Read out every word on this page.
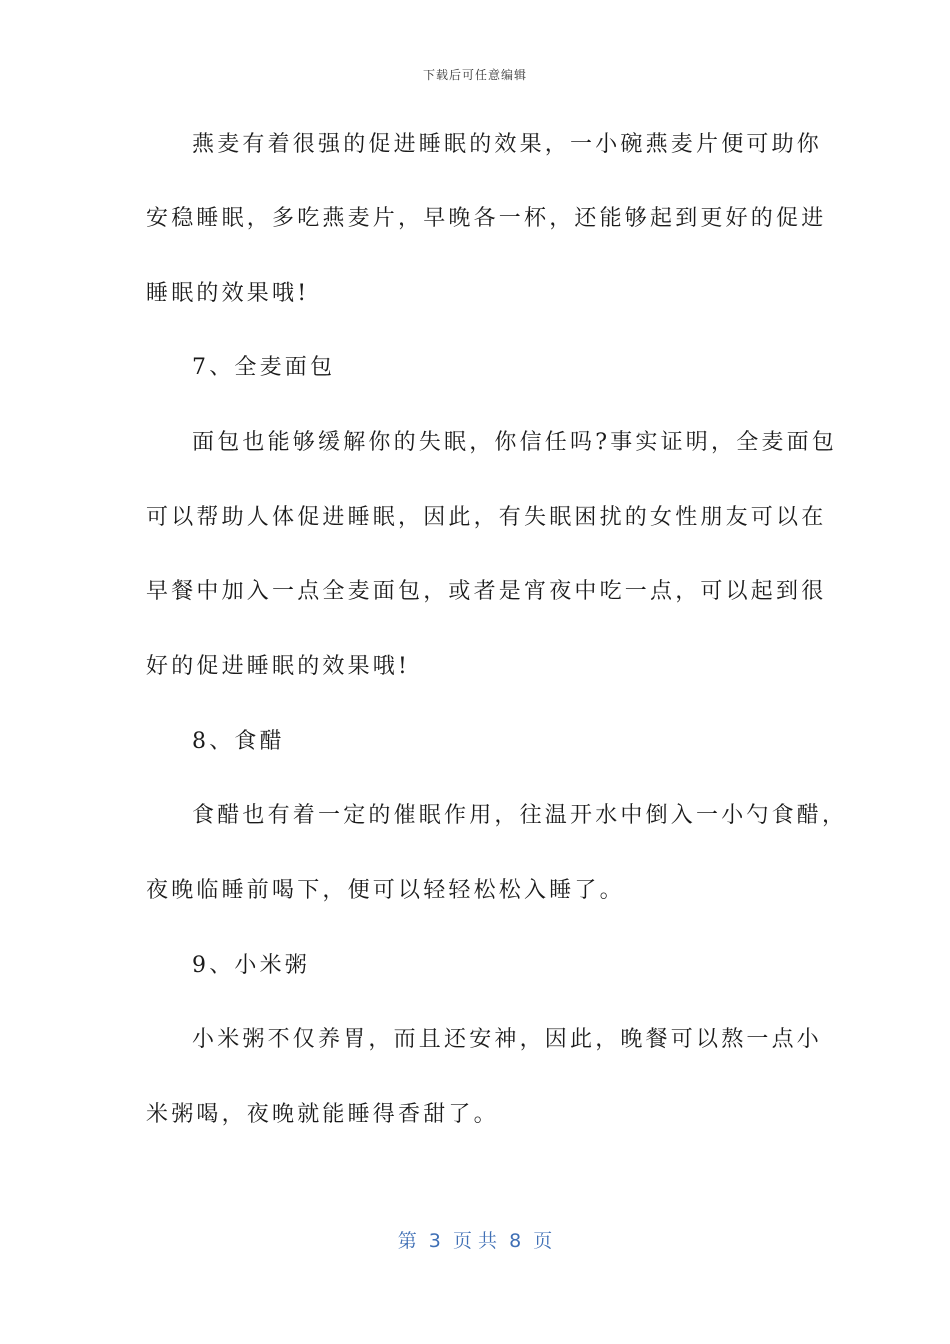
下载后可任意编辑
燕麦有着很强的促进睡眠的效果，一小碗燕麦片便可助你
安稳睡眠，多吃燕麦片，早晚各一杯，还能够起到更好的促进
睡眠的效果哦!
7、全麦面包
面包也能够缓解你的失眠，你信任吗?事实证明，全麦面包
可以帮助人体促进睡眠，因此，有失眠困扰的女性朋友可以在
早餐中加入一点全麦面包，或者是宵夜中吃一点，可以起到很
好的促进睡眠的效果哦!
8、食醋
食醋也有着一定的催眠作用，往温开水中倒入一小勺食醋，
夜晚临睡前喝下，便可以轻轻松松入睡了。
9、小米粥
小米粥不仅养胃，而且还安神，因此，晚餐可以熬一点小
米粥喝，夜晚就能睡得香甜了。
第  3  页 共  8  页
